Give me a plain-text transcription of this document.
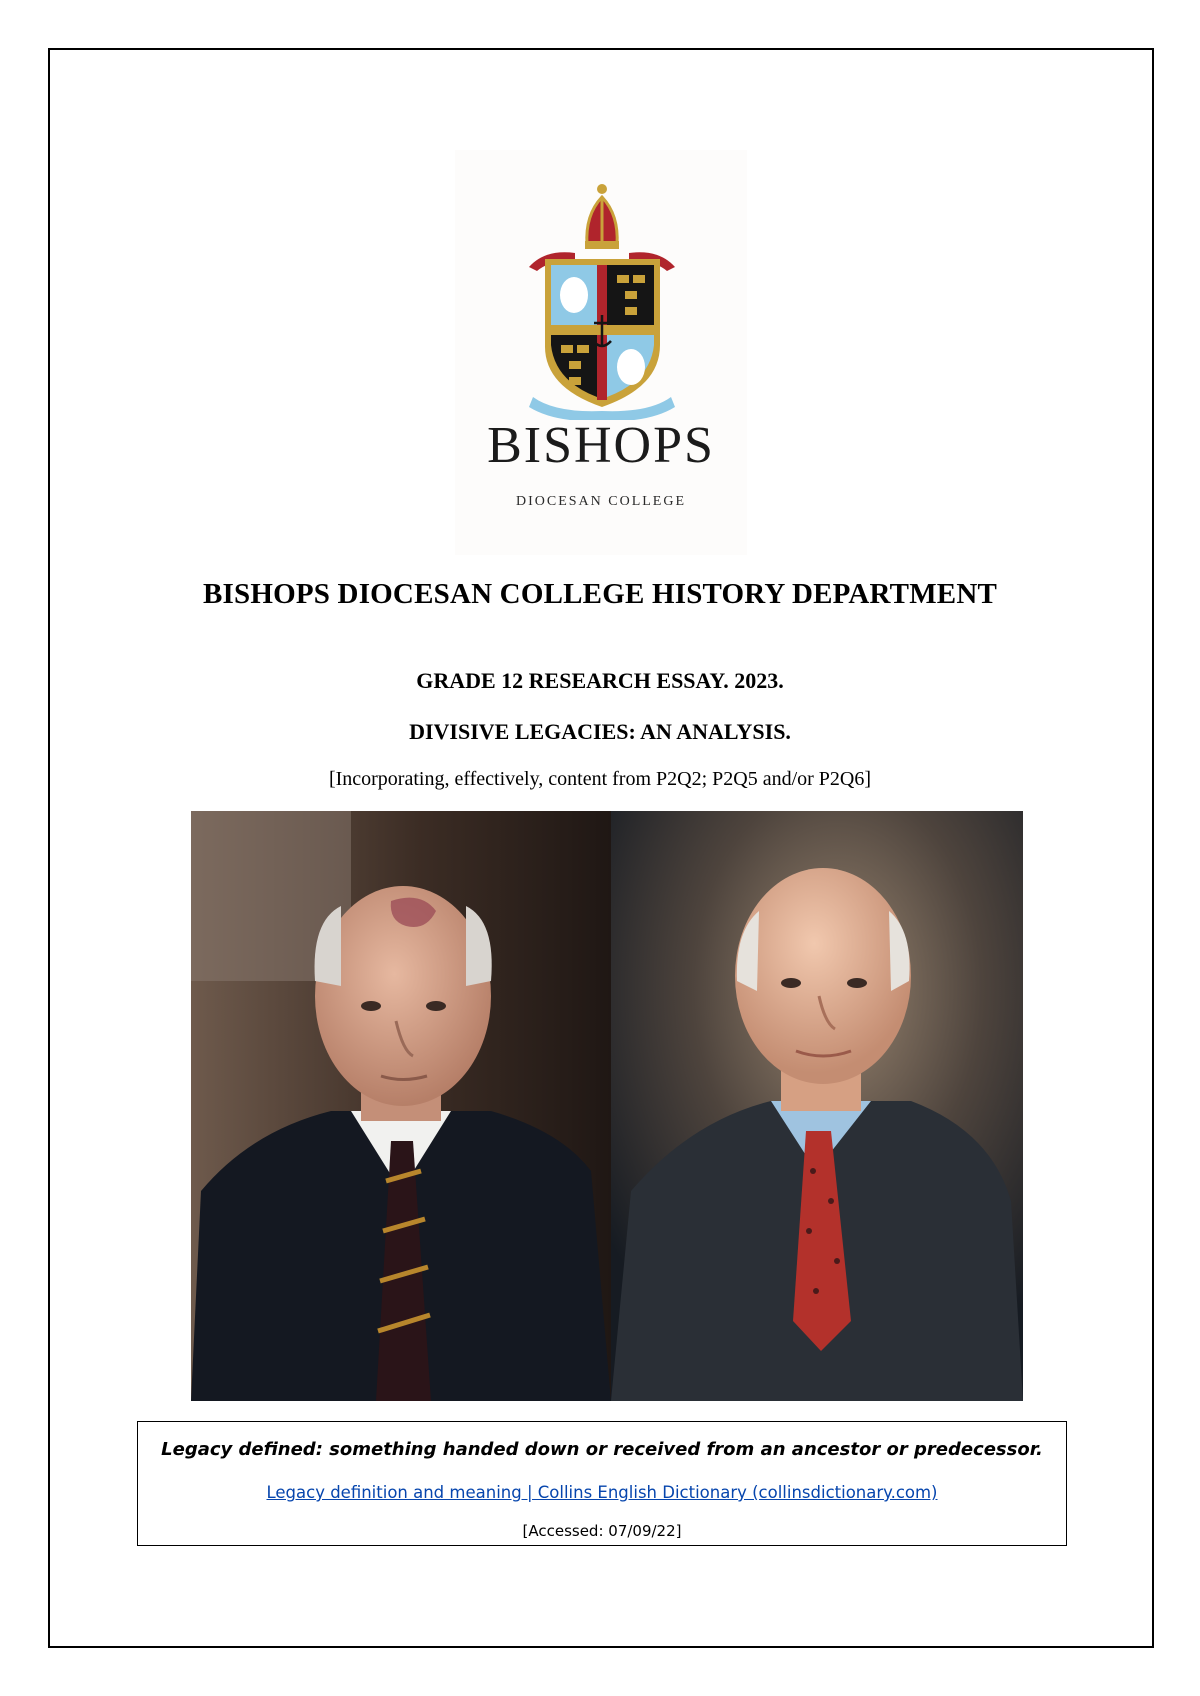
BISHOPS
DIOCESAN COLLEGE
BISHOPS DIOCESAN COLLEGE HISTORY DEPARTMENT
GRADE 12 RESEARCH ESSAY. 2023.
DIVISIVE LEGACIES: AN ANALYSIS.
[Incorporating, effectively, content from P2Q2; P2Q5 and/or P2Q6]
Legacy defined: something handed down or received from an ancestor or predecessor.
Legacy definition and meaning | Collins English Dictionary (collinsdictionary.com)
[Accessed: 07/09/22]
